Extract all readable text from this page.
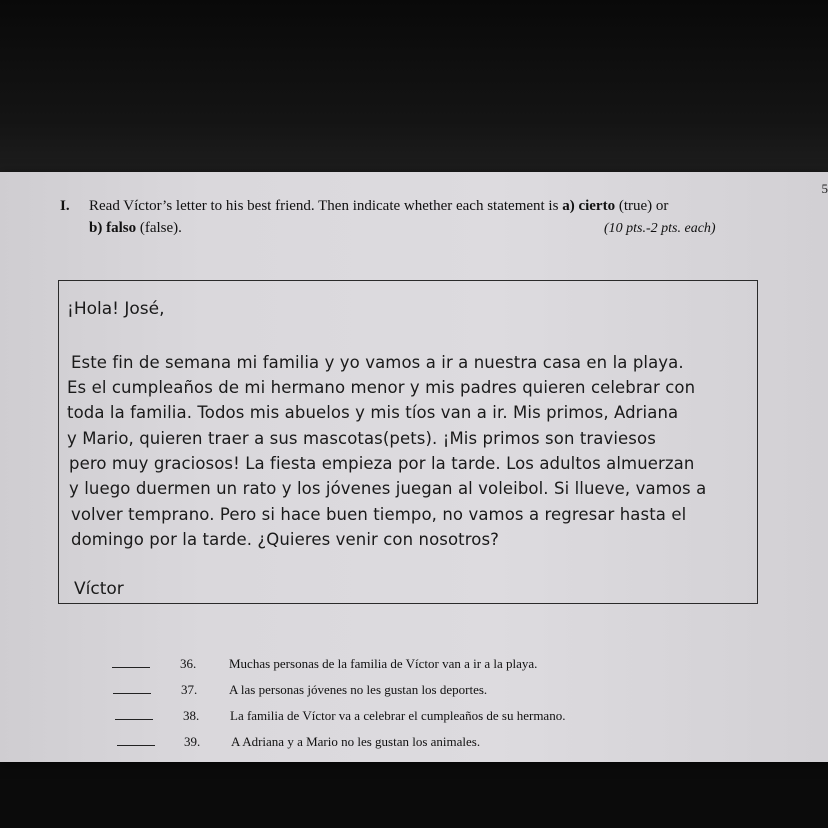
5
I. Read Víctor’s letter to his best friend. Then indicate whether each statement is a) cierto (true) or
b) falso (false).	(10 pts.-2 pts. each)
¡Hola! José,
Este fin de semana mi familia y yo vamos a ir a nuestra casa en la playa.
Es el cumpleaños de mi hermano menor y mis padres quieren celebrar con
toda la familia. Todos mis abuelos y mis tíos van a ir. Mis primos, Adriana
y Mario, quieren traer a sus mascotas(pets). ¡Mis primos son traviesos
pero muy graciosos! La fiesta empieza por la tarde. Los adultos almuerzan
y luego duermen un rato y los jóvenes juegan al voleibol. Si llueve, vamos a
volver temprano. Pero si hace buen tiempo, no vamos a regresar hasta el
domingo por la tarde. ¿Quieres venir con nosotros?
Víctor
36.	Muchas personas de la familia de Víctor van a ir a la playa.
37. A las personas jóvenes no les gustan los deportes.
38. La familia de Víctor va a celebrar el cumpleaños de su hermano.
39. A Adriana y a Mario no les gustan los animales.
